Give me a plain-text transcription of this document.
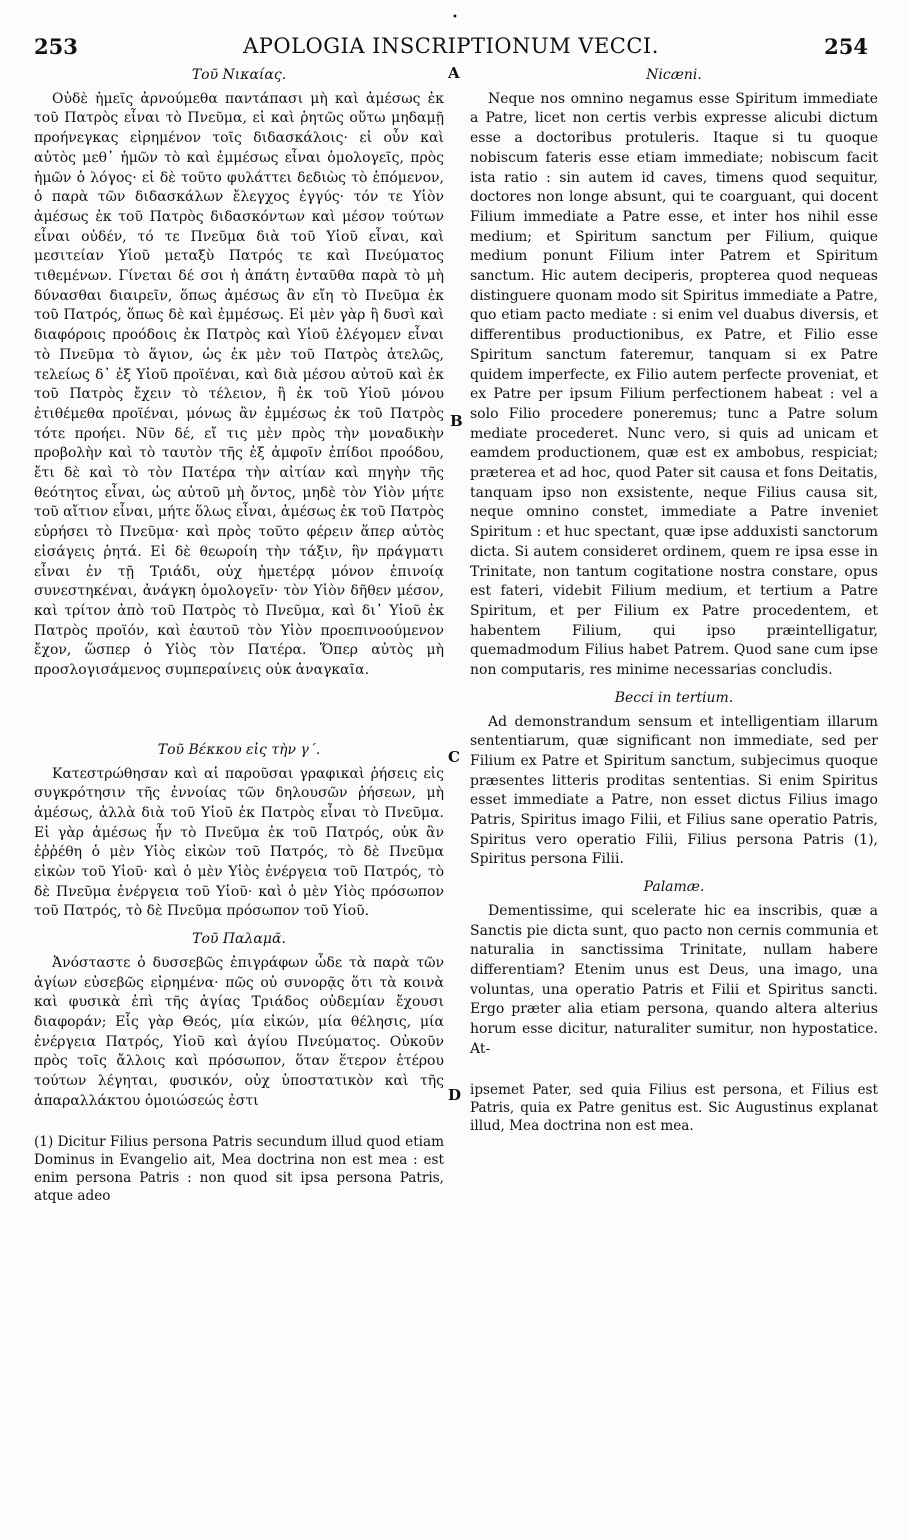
•
253	APOLOGIA INSCRIPTIONUM VECCI.	254
A
B
C
D
Τοῦ Νικαίας.

Οὐδὲ ἡμεῖς ἀρνούμεθα παντάπασι μὴ καὶ ἀμέσως ἐκ τοῦ Πατρὸς εἶναι τὸ Πνεῦμα, εἰ καὶ ῥητῶς οὕτω μηδαμῇ προήνεγκας εἰρημένον τοῖς διδασκάλοις· εἰ οὖν καὶ αὐτὸς μεθ᾽ ἡμῶν τὸ καὶ ἐμμέσως εἶναι ὁμολογεῖς, πρὸς ἡμῶν ὁ λόγος· εἰ δὲ τοῦτο φυλάττει δεδιὼς τὸ ἑπόμενον, ὁ παρὰ τῶν διδασκάλων ἔλεγχος ἐγγύς· τόν τε Υἱὸν ἀμέσως ἐκ τοῦ Πατρὸς διδασκόντων καὶ μέσον τούτων εἶναι οὐδέν, τό τε Πνεῦμα διὰ τοῦ Υἱοῦ εἶναι, καὶ μεσιτείαν Υἱοῦ μεταξὺ Πατρός τε καὶ Πνεύματος τιθεμένων. Γίνεται δέ σοι ἡ ἀπάτη ἐνταῦθα παρὰ τὸ μὴ δύνασθαι διαιρεῖν, ὅπως ἀμέσως ἂν εἴη τὸ Πνεῦμα ἐκ τοῦ Πατρός, ὅπως δὲ καὶ ἐμμέσως. Εἰ μὲν γὰρ ἢ δυσὶ καὶ διαφόροις προόδοις ἐκ Πατρὸς καὶ Υἱοῦ ἐλέγομεν εἶναι τὸ Πνεῦμα τὸ ἅγιον, ὡς ἐκ μὲν τοῦ Πατρὸς ἀτελῶς, τελείως δ᾽ ἐξ Υἱοῦ προϊέναι, καὶ διὰ μέσου αὐτοῦ καὶ ἐκ τοῦ Πατρὸς ἔχειν τὸ τέλειον, ἢ ἐκ τοῦ Υἱοῦ μόνου ἐτιθέμεθα προϊέναι, μόνως ἂν ἐμμέσως ἐκ τοῦ Πατρὸς τότε προήει. Νῦν δέ, εἴ τις μὲν πρὸς τὴν μοναδικὴν προβολὴν καὶ τὸ ταυτὸν τῆς ἐξ ἀμφοῖν ἐπίδοι προόδου, ἔτι δὲ καὶ τὸ τὸν Πατέρα τὴν αἰτίαν καὶ πηγὴν τῆς θεότητος εἶναι, ὡς αὐτοῦ μὴ ὄντος, μηδὲ τὸν Υἱὸν μήτε τοῦ αἴτιον εἶναι, μήτε ὅλως εἶναι, ἀμέσως ἐκ τοῦ Πατρὸς εὑρήσει τὸ Πνεῦμα· καὶ πρὸς τοῦτο φέρειν ἅπερ αὐτὸς εἰσάγεις ῥητά. Εἰ δὲ θεωροίη τὴν τάξιν, ἣν πράγματι εἶναι ἐν τῇ Τριάδι, οὐχ ἡμετέρᾳ μόνον ἐπινοίᾳ συνεστηκέναι, ἀνάγκη ὁμολογεῖν· τὸν Υἱὸν δῆθεν μέσον, καὶ τρίτον ἀπὸ τοῦ Πατρὸς τὸ Πνεῦμα, καὶ δι᾽ Υἱοῦ ἐκ Πατρὸς προϊόν, καὶ ἑαυτοῦ τὸν Υἱὸν προεπινοούμενον ἔχον, ὥσπερ ὁ Υἱὸς τὸν Πατέρα. Ὅπερ αὐτὸς μὴ προσλογισάμενος συμπεραίνεις οὐκ ἀναγκαῖα.

Τοῦ Βέκκου εἰς τὴν γ΄.

Κατεστρώθησαν καὶ αἱ παροῦσαι γραφικαὶ ῥήσεις εἰς συγκρότησιν τῆς ἐννοίας τῶν δηλουσῶν ῥήσεων, μὴ ἀμέσως, ἀλλὰ διὰ τοῦ Υἱοῦ ἐκ Πατρὸς εἶναι τὸ Πνεῦμα. Εἰ γὰρ ἀμέσως ἦν τὸ Πνεῦμα ἐκ τοῦ Πατρός, οὐκ ἂν ἐῤῥέθη ὁ μὲν Υἱὸς εἰκὼν τοῦ Πατρός, τὸ δὲ Πνεῦμα εἰκὼν τοῦ Υἱοῦ· καὶ ὁ μὲν Υἱὸς ἐνέργεια τοῦ Πατρός, τὸ δὲ Πνεῦμα ἐνέργεια τοῦ Υἱοῦ· καὶ ὁ μὲν Υἱὸς πρόσωπον τοῦ Πατρός, τὸ δὲ Πνεῦμα πρόσωπον τοῦ Υἱοῦ.

Τοῦ Παλαμᾶ.

Ἀνόσταστε ὁ δυσσεβῶς ἐπιγράφων ὧδε τὰ παρὰ τῶν ἁγίων εὐσεβῶς εἰρημένα· πῶς οὐ συνορᾷς ὅτι τὰ κοινὰ καὶ φυσικὰ ἐπὶ τῆς ἁγίας Τριάδος οὐδεμίαν ἔχουσι διαφοράν; Εἷς γὰρ Θεός, μία εἰκών, μία θέλησις, μία ἐνέργεια Πατρός, Υἱοῦ καὶ ἁγίου Πνεύματος. Οὐκοῦν πρὸς τοῖς ἄλλοις καὶ πρόσωπον, ὅταν ἕτερον ἑτέρου τούτων λέγηται, φυσικόν, οὐχ ὑποστατικὸν καὶ τῆς ἀπαραλλάκτου ὁμοιώσεώς ἐστι

(1) Dicitur Filius persona Patris secundum illud quod etiam Dominus in Evangelio ait, Mea doctrina non est mea : est enim persona Patris : non quod sit ipsa persona Patris, atque adeo
Nicæni.

Neque nos omnino negamus esse Spiritum immediate a Patre, licet non certis verbis expresse alicubi dictum esse a doctoribus protuleris. Itaque si tu quoque nobiscum fateris esse etiam immediate; nobiscum facit ista ratio : sin autem id caves, timens quod sequitur, doctores non longe absunt, qui te coarguant, qui docent Filium immediate a Patre esse, et inter hos nihil esse medium; et Spiritum sanctum per Filium, quique medium ponunt Filium inter Patrem et Spiritum sanctum. Hic autem deciperis, propterea quod nequeas distinguere quonam modo sit Spiritus immediate a Patre, quo etiam pacto mediate : si enim vel duabus diversis, et differentibus productionibus, ex Patre, et Filio esse Spiritum sanctum fateremur, tanquam si ex Patre quidem imperfecte, ex Filio autem perfecte proveniat, et ex Patre per ipsum Filium perfectionem habeat : vel a solo Filio procedere poneremus; tunc a Patre solum mediate procederet. Nunc vero, si quis ad unicam et eamdem productionem, quæ est ex ambobus, respiciat; præterea et ad hoc, quod Pater sit causa et fons Deitatis, tanquam ipso non exsistente, neque Filius causa sit, neque omnino constet, immediate a Patre inveniet Spiritum : et huc spectant, quæ ipse adduxisti sanctorum dicta. Si autem consideret ordinem, quem re ipsa esse in Trinitate, non tantum cogitatione nostra constare, opus est fateri, videbit Filium medium, et tertium a Patre Spiritum, et per Filium ex Patre procedentem, et habentem Filium, qui ipso præintelligatur, quemadmodum Filius habet Patrem. Quod sane cum ipse non computaris, res minime necessarias concludis.

Becci in tertium.

Ad demonstrandum sensum et intelligentiam illarum sententiarum, quæ significant non immediate, sed per Filium ex Patre et Spiritum sanctum, subjecimus quoque præsentes litteris proditas sententias. Si enim Spiritus esset immediate a Patre, non esset dictus Filius imago Patris, Spiritus imago Filii, et Filius sane operatio Patris, Spiritus vero operatio Filii, Filius persona Patris (1), Spiritus persona Filii.

Palamæ.

Dementissime, qui scelerate hic ea inscribis, quæ a Sanctis pie dicta sunt, quo pacto non cernis communia et naturalia in sanctissima Trinitate, nullam habere differentiam? Etenim unus est Deus, una imago, una voluntas, una operatio Patris et Filii et Spiritus sancti. Ergo præter alia etiam persona, quando altera alterius horum esse dicitur, naturaliter sumitur, non hypostatice. At-

ipsemet Pater, sed quia Filius est persona, et Filius est Patris, quia ex Patre genitus est. Sic Augustinus explanat illud, Mea doctrina non est mea.
